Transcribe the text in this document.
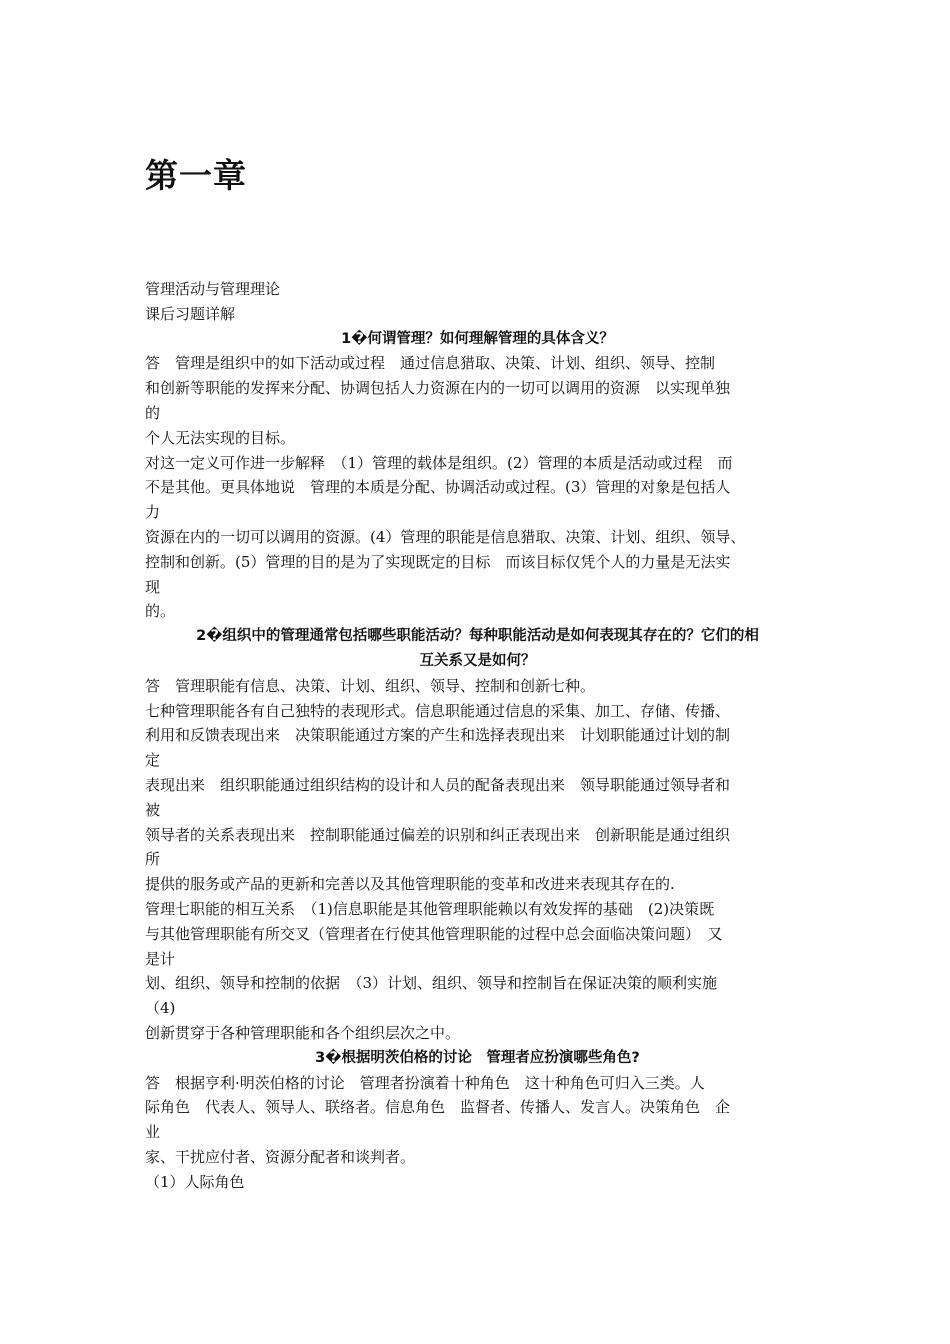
第一章
管理活动与管理理论
课后习题详解
1�何谓管理？如何理解管理的具体含义？
答　管理是组织中的如下活动或过程　通过信息猎取、决策、计划、组织、领导、控制
和创新等职能的发挥来分配、协调包括人力资源在内的一切可以调用的资源　以实现单独
的
个人无法实现的目标。
对这一定义可作进一步解释　（1）管理的载体是组织。(2）管理的本质是活动或过程　而
不是其他。更具体地说　管理的本质是分配、协调活动或过程。(3）管理的对象是包括人
力
资源在内的一切可以调用的资源。(4）管理的职能是信息猎取、决策、计划、组织、领导、
控制和创新。(5）管理的目的是为了实现既定的目标　而该目标仅凭个人的力量是无法实
现
的。
2�组织中的管理通常包括哪些职能活动？每种职能活动是如何表现其存在的？它们的相
互关系又是如何？
答　管理职能有信息、决策、计划、组织、领导、控制和创新七种。
七种管理职能各有自己独特的表现形式。信息职能通过信息的采集、加工、存储、传播、
利用和反馈表现出来　决策职能通过方案的产生和选择表现出来　计划职能通过计划的制
定
表现出来　组织职能通过组织结构的设计和人员的配备表现出来　领导职能通过领导者和
被
领导者的关系表现出来　控制职能通过偏差的识别和纠正表现出来　创新职能是通过组织
所
提供的服务或产品的更新和完善以及其他管理职能的变革和改进来表现其存在的.
管理七职能的相互关系　（1)信息职能是其他管理职能赖以有效发挥的基础　(2)决策既
与其他管理职能有所交叉（管理者在行使其他管理职能的过程中总会面临决策问题）　又
是计
划、组织、领导和控制的依据　（3）计划、组织、领导和控制旨在保证决策的顺利实施
（4)
创新贯穿于各种管理职能和各个组织层次之中。
3�根据明茨伯格的讨论　管理者应扮演哪些角色?
答　根据亨利·明茨伯格的讨论　管理者扮演着十种角色　这十种角色可归入三类。人
际角色　代表人、领导人、联络者。信息角色　监督者、传播人、发言人。决策角色　企
业
家、干扰应付者、资源分配者和谈判者。
（1）人际角色
